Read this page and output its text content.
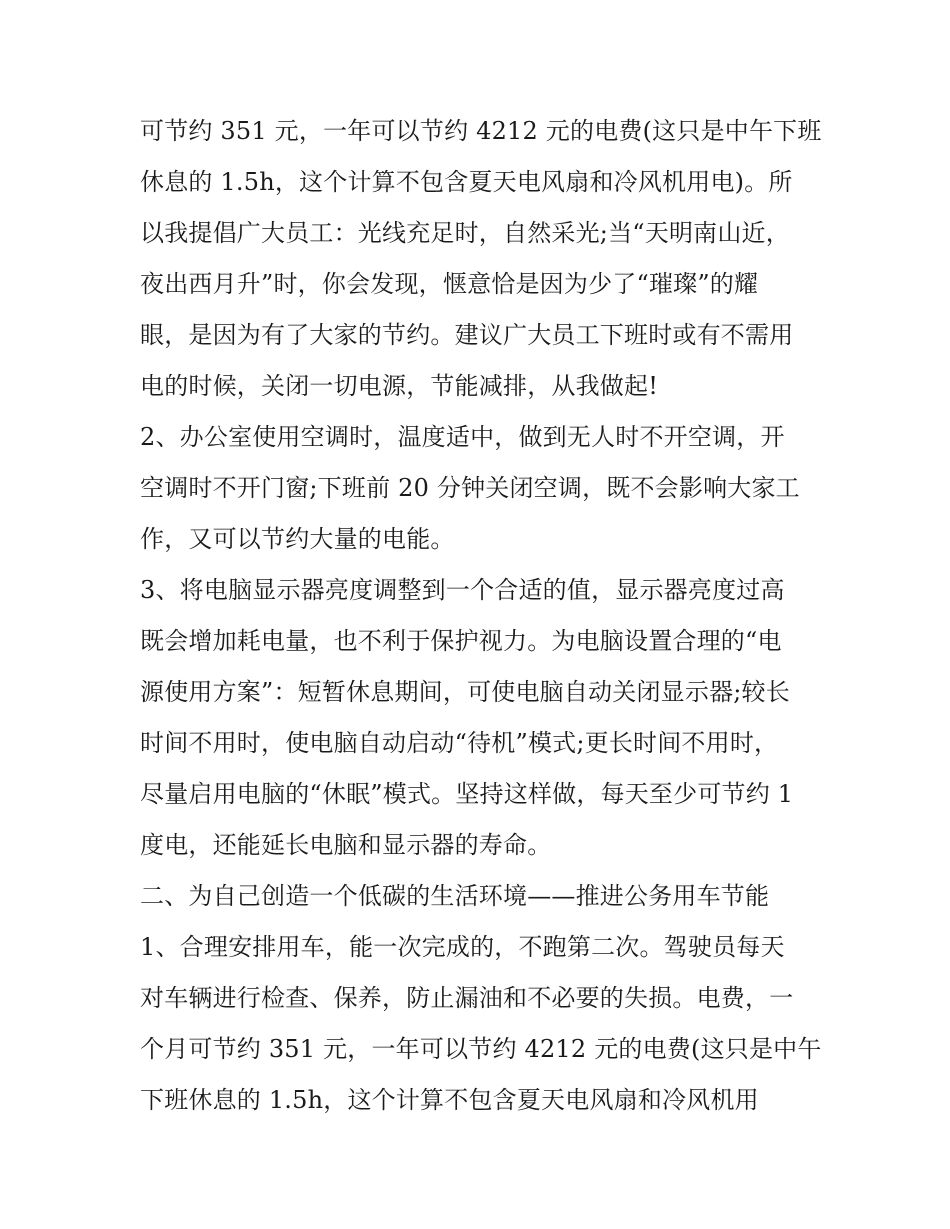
可节约 351 元，一年可以节约 4212 元的电费(这只是中午下班
休息的 1.5h，这个计算不包含夏天电风扇和冷风机用电)。所
以我提倡广大员工：光线充足时，自然采光;当“天明南山近，
夜出西月升”时，你会发现，惬意恰是因为少了“璀璨”的耀
眼，是因为有了大家的节约。建议广大员工下班时或有不需用
电的时候，关闭一切电源，节能减排，从我做起!
2、办公室使用空调时，温度适中，做到无人时不开空调，开
空调时不开门窗;下班前 20 分钟关闭空调，既不会影响大家工
作，又可以节约大量的电能。
3、将电脑显示器亮度调整到一个合适的值，显示器亮度过高
既会增加耗电量，也不利于保护视力。为电脑设置合理的“电
源使用方案”：短暂休息期间，可使电脑自动关闭显示器;较长
时间不用时，使电脑自动启动“待机”模式;更长时间不用时，
尽量启用电脑的“休眠”模式。坚持这样做，每天至少可节约 1
度电，还能延长电脑和显示器的寿命。
二、为自己创造一个低碳的生活环境——推进公务用车节能
1、合理安排用车，能一次完成的，不跑第二次。驾驶员每天
对车辆进行检查、保养，防止漏油和不必要的失损。电费，一
个月可节约 351 元，一年可以节约 4212 元的电费(这只是中午
下班休息的 1.5h，这个计算不包含夏天电风扇和冷风机用
